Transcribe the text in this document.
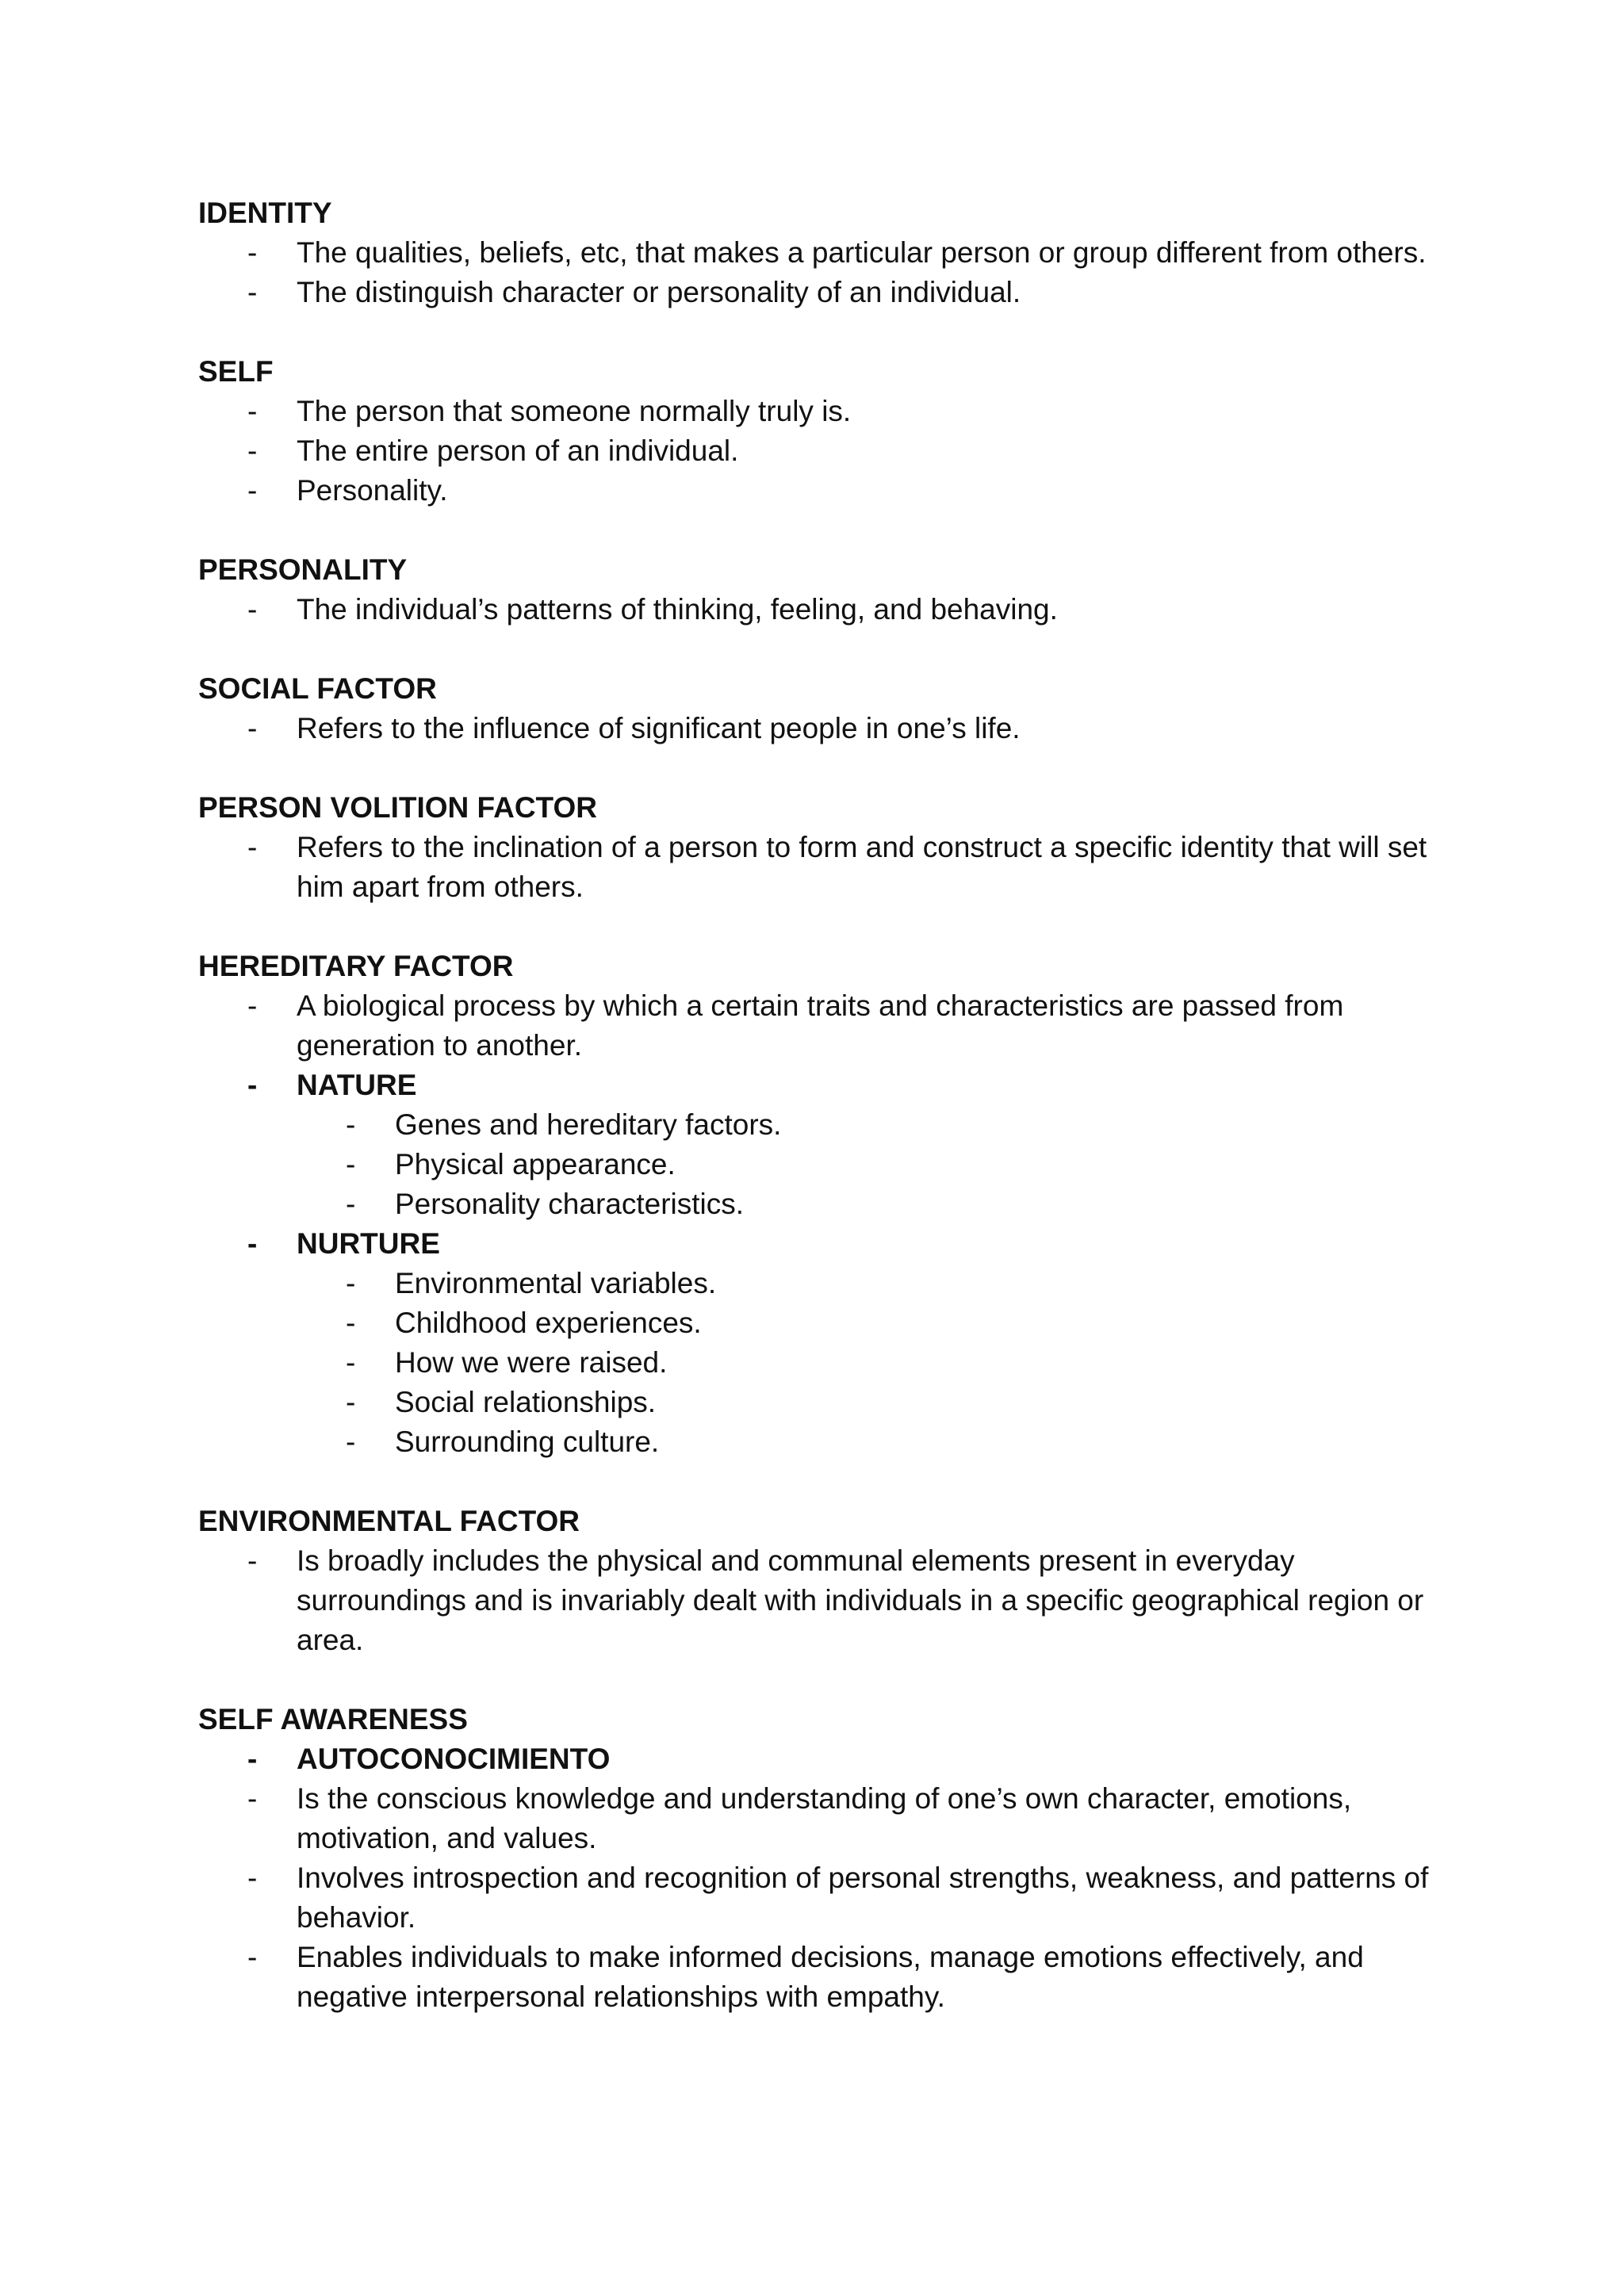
IDENTITY
- The qualities, beliefs, etc, that makes a particular person or group different from others.
- The distinguish character or personality of an individual.
SELF
- The person that someone normally truly is.
- The entire person of an individual.
- Personality.
PERSONALITY
- The individual’s patterns of thinking, feeling, and behaving.
SOCIAL FACTOR
- Refers to the influence of significant people in one’s life.
PERSON VOLITION FACTOR
- Refers to the inclination of a person to form and construct a specific identity that will set him apart from others.
HEREDITARY FACTOR
- A biological process by which a certain traits and characteristics are passed from generation to another.
- NATURE
- Genes and hereditary factors.
- Physical appearance.
- Personality characteristics.
- NURTURE
- Environmental variables.
- Childhood experiences.
- How we were raised.
- Social relationships.
- Surrounding culture.
ENVIRONMENTAL FACTOR
- Is broadly includes the physical and communal elements present in everyday surroundings and is invariably dealt with individuals in a specific geographical region or area.
SELF AWARENESS
- AUTOCONOCIMIENTO
- Is the conscious knowledge and understanding of one’s own character, emotions, motivation, and values.
- Involves introspection and recognition of personal strengths, weakness, and patterns of behavior.
- Enables individuals to make informed decisions, manage emotions effectively, and negative interpersonal relationships with empathy.
